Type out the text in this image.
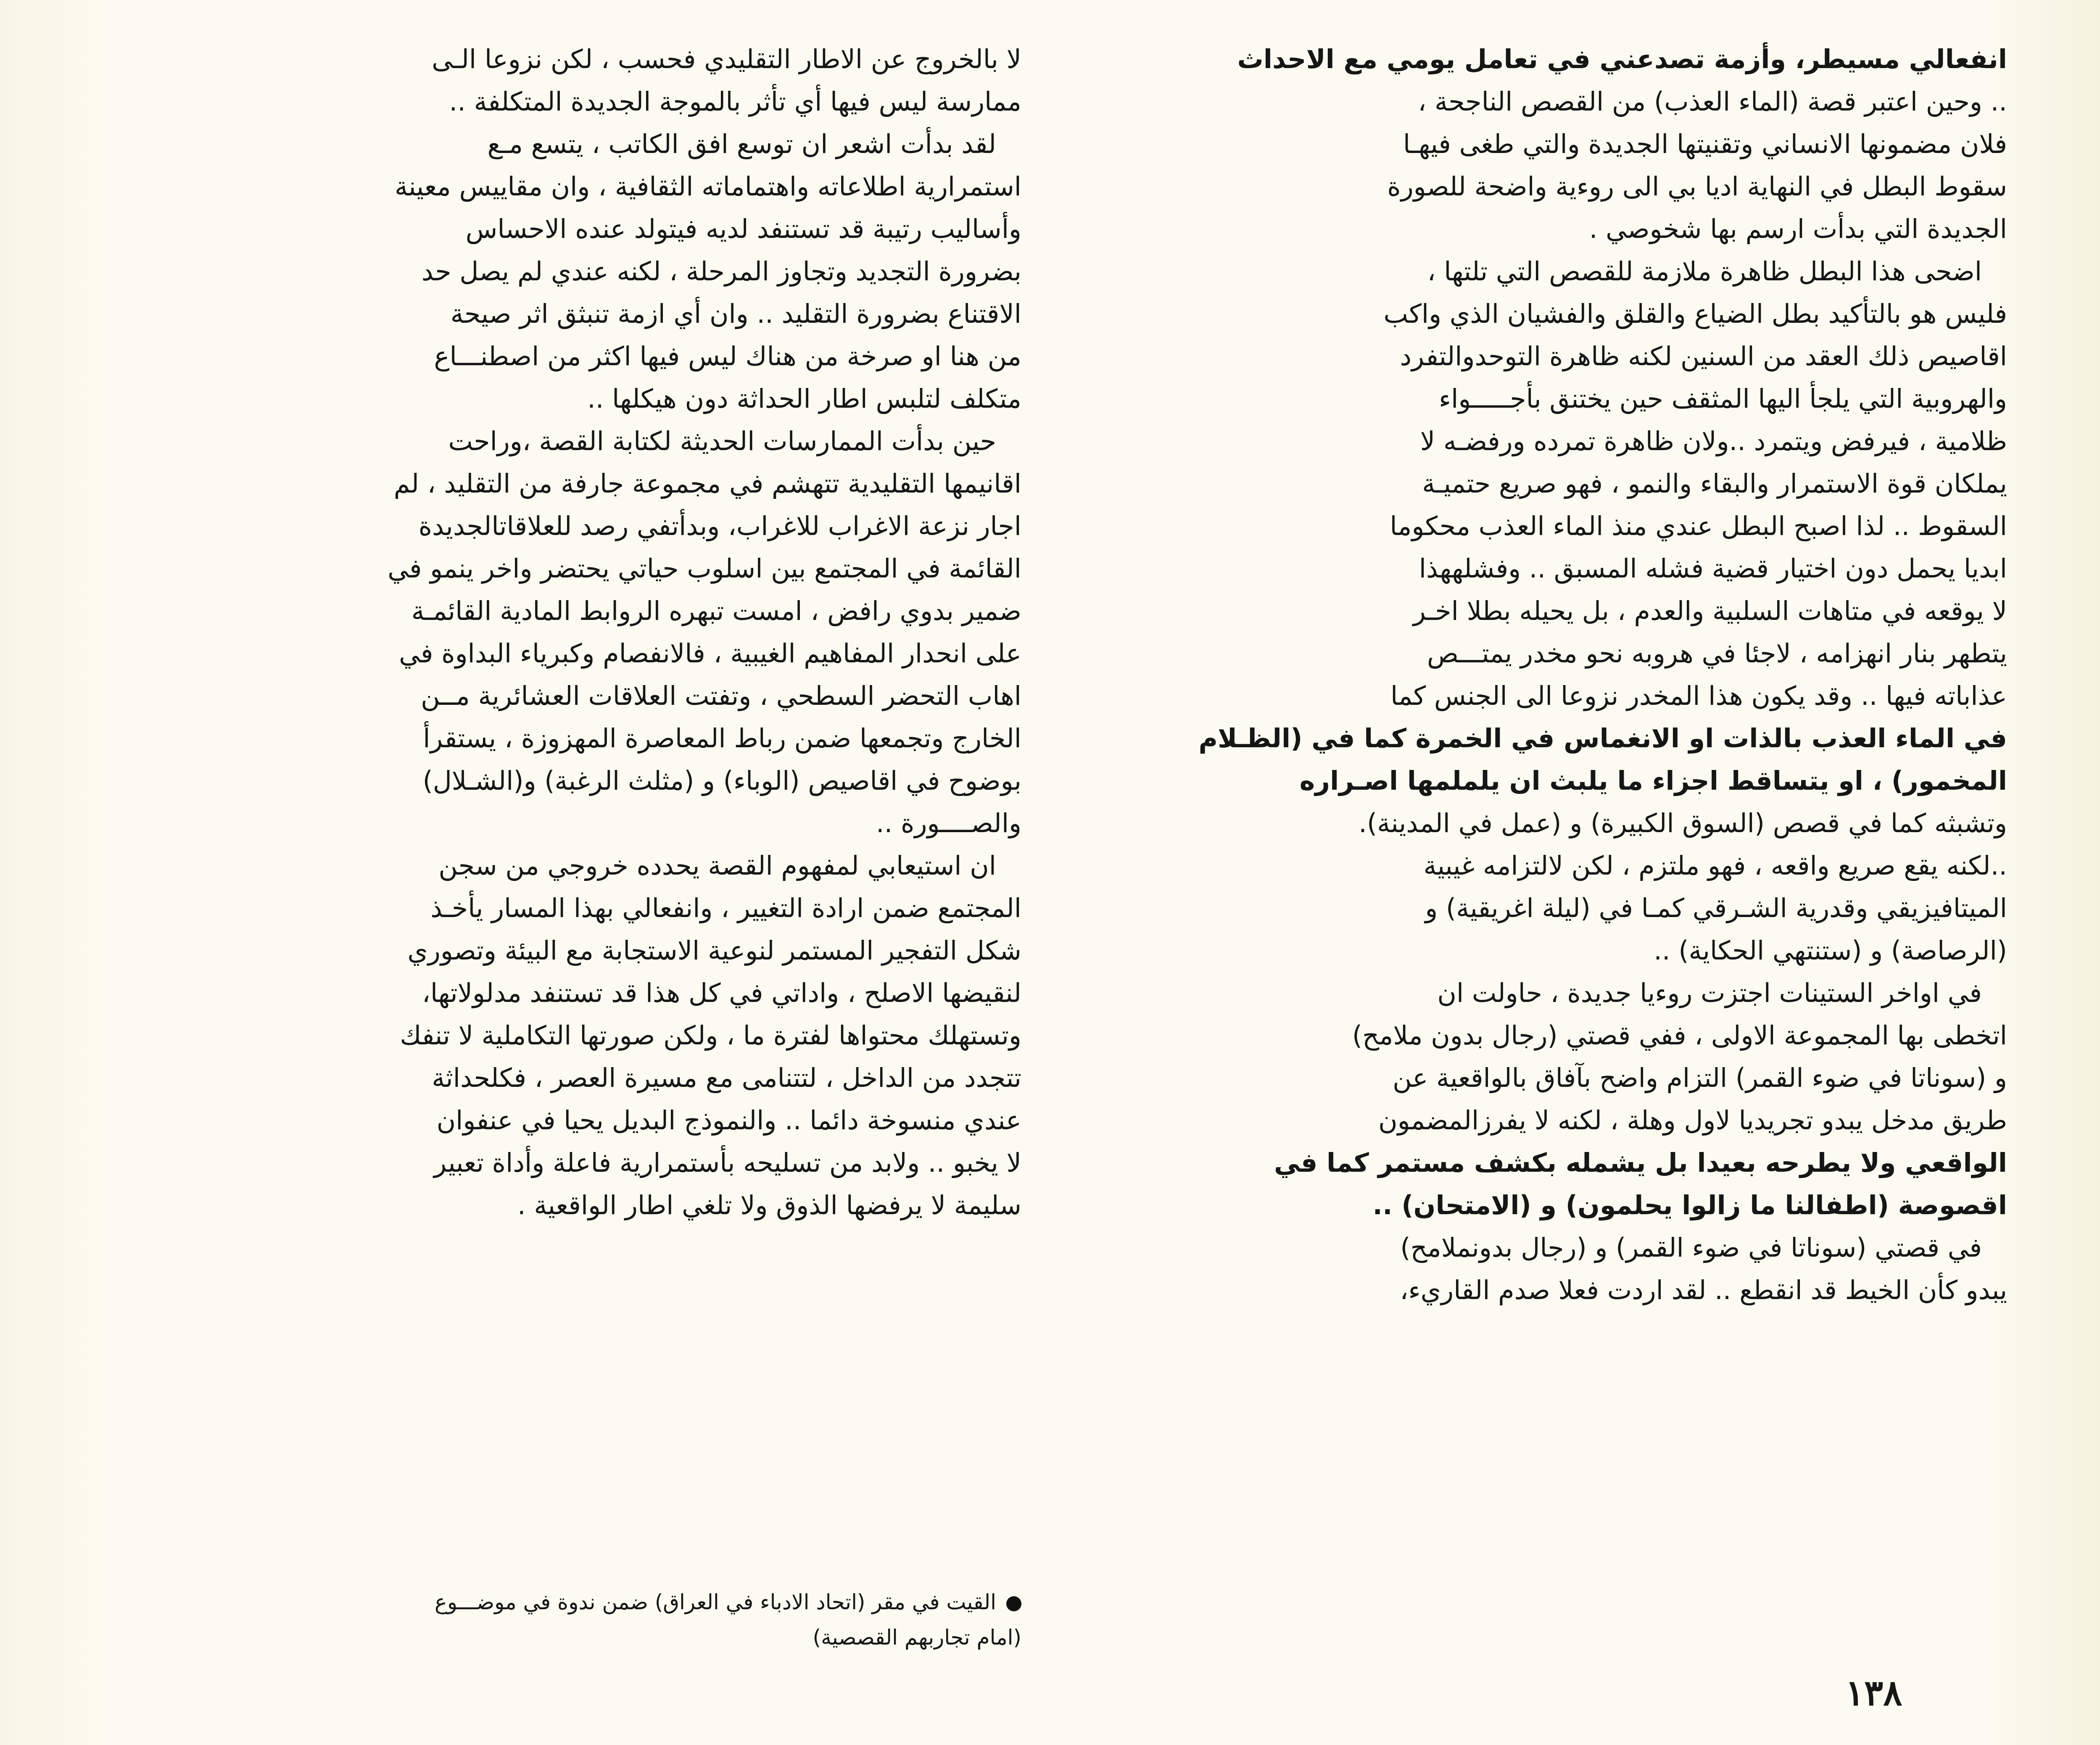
انفعالي مسيطر، وأزمة تصدعني في تعامل يومي مع الاحداث
.. وحين اعتبر قصة (الماء العذب) من القصص الناجحة ،
فلان مضمونها الانساني وتقنيتها الجديدة والتي طغى فيهـا
سقوط البطل في النهاية اديا بي الى روءية واضحة للصورة
الجديدة التي بدأت ارسم بها شخوصي .
اضحى هذا البطل ظاهرة ملازمة للقصص التي تلتها ،
فليس هو بالتأكيد بطل الضياع والقلق والفشيان الذي واكب
اقاصيص ذلك العقد من السنين لكنه ظاهرة التوحدوالتفرد
والهروبية التي يلجأ اليها المثقف حين يختنق بأجـــــواء
ظلامية ، فيرفض ويتمرد ..ولان ظاهرة تمرده ورفضـه لا
يملكان قوة الاستمرار والبقاء والنمو ، فهو صريع حتميـة
السقوط .. لذا اصبح البطل عندي منذ الماء العذب محكوما
ابديا يحمل دون اختيار قضية فشله المسبق .. وفشلههذا
لا يوقعه في متاهات السلبية والعدم ، بل يحيله بطلا اخـر
يتطهر بنار انهزامه ، لاجئا في هروبه نحو مخدر يمتـــص
عذاباته فيها .. وقد يكون هذا المخدر نزوعا الى الجنس كما
في الماء العذب بالذات او الانغماس في الخمرة كما في (الظـلام
المخمور) ، او يتساقط اجزاء ما يلبث ان يلملمها اصـراره
وتشبثه كما في قصص (السوق الكبيرة) و (عمل في المدينة).
..لكنه يقع صريع واقعه ، فهو ملتزم ، لكن لالتزامه غيبية
الميتافيزيقي وقدرية الشـرقي كمـا في (ليلة اغريقية) و
(الرصاصة) و (ستنتهي الحكاية) ..
في اواخر الستينات اجتزت روءيا جديدة ، حاولت ان
اتخطى بها المجموعة الاولى ، ففي قصتي (رجال بدون ملامح)
و (سوناتا في ضوء القمر) التزام واضح بآفاق بالواقعية عن
طريق مدخل يبدو تجريديا لاول وهلة ، لكنه لا يفرزالمضمون
الواقعي ولا يطرحه بعيدا بل يشمله بكشف مستمر كما في
اقصوصة (اطفالنا ما زالوا يحلمون) و (الامتحان) ..
في قصتي (سوناتا في ضوء القمر) و (رجال بدونملامح)
يبدو كأن الخيط قد انقطع .. لقد اردت فعلا صدم القاريء،
لا بالخروج عن الاطار التقليدي فحسب ، لكن نزوعا الـى
ممارسة ليس فيها أي تأثر بالموجة الجديدة المتكلفة ..
لقد بدأت اشعر ان توسع افق الكاتب ، يتسع مـع
استمرارية اطلاعاته واهتماماته الثقافية ، وان مقاييس معينة
وأساليب رتيبة قد تستنفد لديه فيتولد عنده الاحساس
بضرورة التجديد وتجاوز المرحلة ، لكنه عندي لم يصل حد
الاقتناع بضرورة التقليد .. وان أي ازمة تنبثق اثر صيحة
من هنا او صرخة من هناك ليس فيها اكثر من اصطنـــاع
متكلف لتلبس اطار الحداثة دون هيكلها ..
حين بدأت الممارسات الحديثة لكتابة القصة ،وراحت
اقانيمها التقليدية تتهشم في مجموعة جارفة من التقليد ، لم
اجار نزعة الاغراب للاغراب، وبدأتفي رصد للعلاقاتالجديدة
القائمة في المجتمع بين اسلوب حياتي يحتضر واخر ينمو في
ضمير بدوي رافض ، امست تبهره الروابط المادية القائمـة
على انحدار المفاهيم الغيبية ، فالانفصام وكبرياء البداوة في
اهاب التحضر السطحي ، وتفتت العلاقات العشائرية مــن
الخارج وتجمعها ضمن رباط المعاصرة المهزوزة ، يستقرأ
بوضوح في اقاصيص (الوباء) و (مثلث الرغبة) و(الشـلال)
والصــــورة ..
ان استيعابي لمفهوم القصة يحدده خروجي من سجن
المجتمع ضمن ارادة التغيير ، وانفعالي بهذا المسار يأخـذ
شكل التفجير المستمر لنوعية الاستجابة مع البيئة وتصوري
لنقيضها الاصلح ، واداتي في كل هذا قد تستنفد مدلولاتها،
وتستهلك محتواها لفترة ما ، ولكن صورتها التكاملية لا تنفك
تتجدد من الداخل ، لتتنامى مع مسيرة العصر ، فكلحداثة
عندي منسوخة دائما .. والنموذج البديل يحيا في عنفوان
لا يخبو .. ولابد من تسليحه بأستمرارية فاعلة وأداة تعبير
سليمة لا يرفضها الذوق ولا تلغي اطار الواقعية .
القيت في مقر (اتحاد الادباء في العراق) ضمن ندوة في موضـــوع
(امام تجاربهم القصصية)
١٣٨
